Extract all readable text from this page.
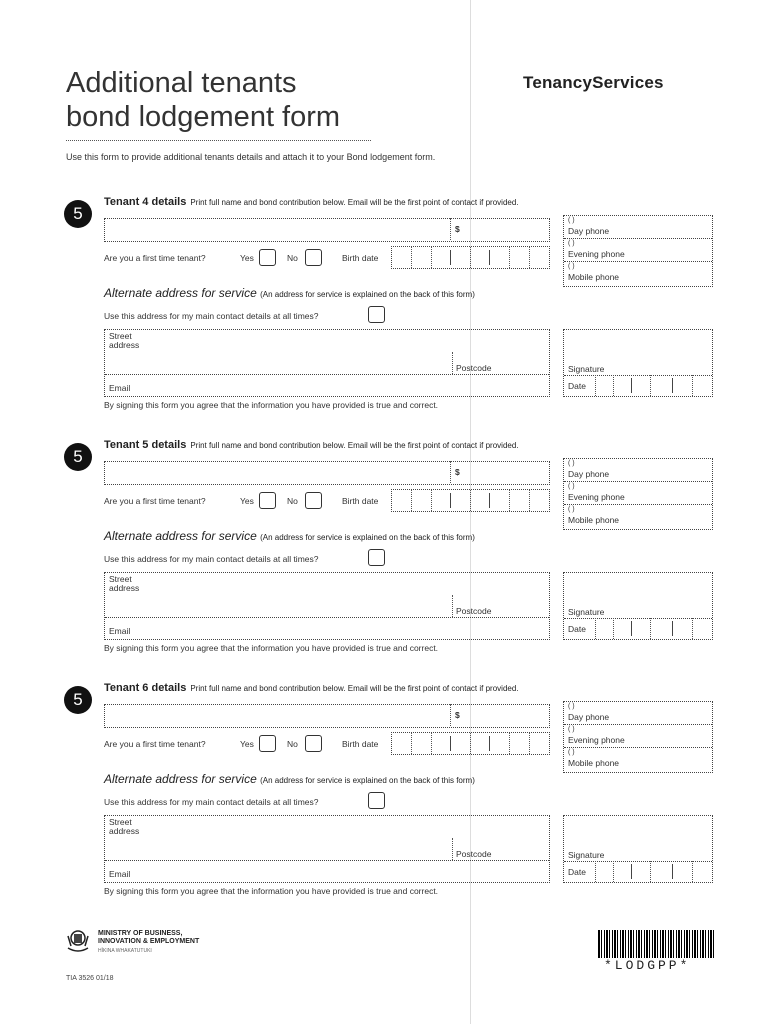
Additional tenants
bond lodgement form
TenancyServices
Use this form to provide additional tenants details and attach it to your Bond lodgement form.
5
Tenant 4 details Print full name and bond contribution below. Email will be the first point of contact if provided.
$
Are you a first time tenant?	Yes	No	Birth date
( )
Day phone
( )
Evening phone
( )
Mobile phone
Alternate address for service (An address for service is explained on the back of this form)
Use this address for my main contact details at all times?
Street
address
Postcode
Email
Signature
Date
By signing this form you agree that the information you have provided is true and correct.
5
Tenant 5 details Print full name and bond contribution below. Email will be the first point of contact if provided.
$
Are you a first time tenant?	Yes	No	Birth date
( )
Day phone
( )
Evening phone
( )
Mobile phone
Alternate address for service (An address for service is explained on the back of this form)
Use this address for my main contact details at all times?
Street
address
Postcode
Email
Signature
Date
By signing this form you agree that the information you have provided is true and correct.
5
Tenant 6 details Print full name and bond contribution below. Email will be the first point of contact if provided.
$
Are you a first time tenant?	Yes	No	Birth date
( )
Day phone
( )
Evening phone
( )
Mobile phone
Alternate address for service (An address for service is explained on the back of this form)
Use this address for my main contact details at all times?
Street
address
Postcode
Email
Signature
Date
By signing this form you agree that the information you have provided is true and correct.
MINISTRY OF BUSINESS,
INNOVATION & EMPLOYMENT
HĪKINA WHAKATUTUKI
TIA 3526 01/18
*LODGPP*
